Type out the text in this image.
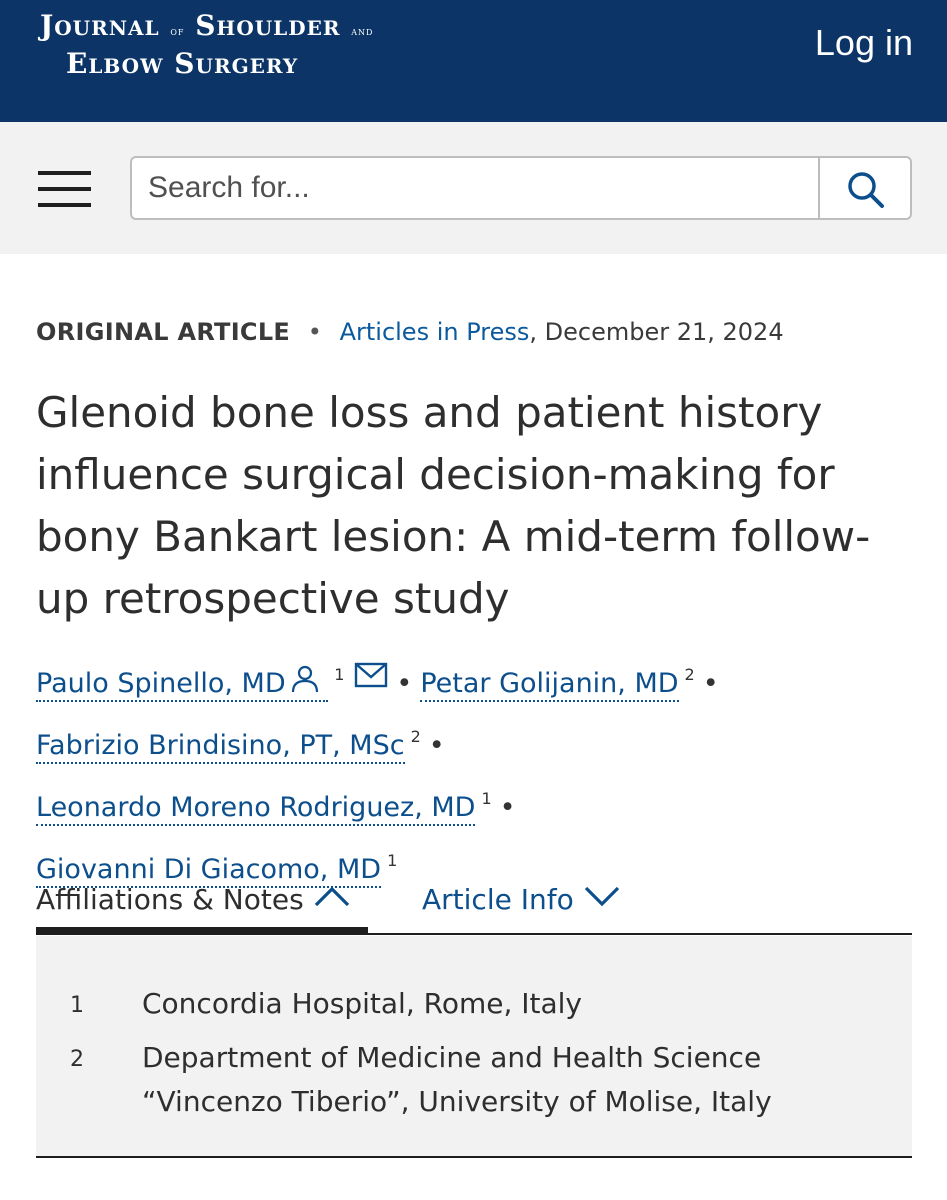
Journal of Shoulder and
Elbow Surgery
Log in
Search for...
ORIGINAL ARTICLE • Articles in Press, December 21, 2024
Glenoid bone loss and patient history influence surgical decision-making for bony Bankart lesion: A mid-term follow-up retrospective study
Paulo Spinello, MD	$^1$ • Petar Golijanin, MD $^2$ •
Fabrizio Brindisino, PT, MSc $^2$ •
Leonardo Moreno Rodriguez, MD $^1$ •
Giovanni Di Giacomo, MD $^1$
Affiliations & Notes	Article Info
1 Concordia Hospital, Rome, Italy
2 Department of Medicine and Health Science “Vincenzo Tiberio”, University of Molise, Italy
